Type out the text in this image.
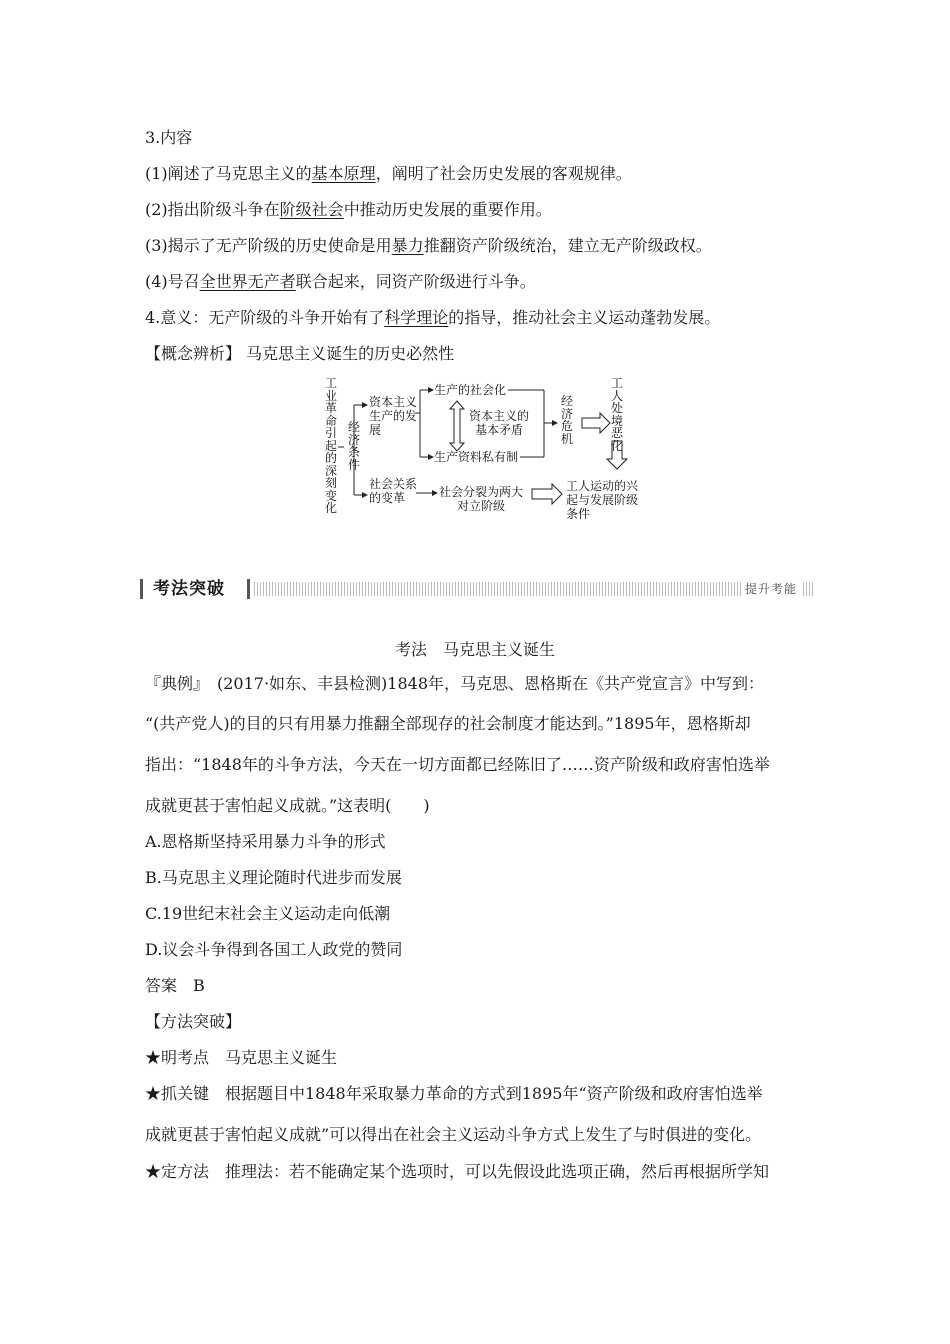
3.内容
(1)阐述了马克思主义的基本原理，阐明了社会历史发展的客观规律。
(2)指出阶级斗争在阶级社会中推动历史发展的重要作用。
(3)揭示了无产阶级的历史使命是用暴力推翻资产阶级统治，建立无产阶级政权。
(4)号召全世界无产者联合起来，同资产阶级进行斗争。
4.意义：无产阶级的斗争开始有了科学理论的指导，推动社会主义运动蓬勃发展。
【概念辨析】 马克思主义诞生的历史必然性
工业革命引起的深刻变化
经济条件
资本主义生产的发展
生产的社会化
资本主义的基本矛盾
生产资料私有制
经济危机
工人处境恶化
社会关系的变革	社会分裂为两大对立阶级
工人运动的兴起与发展阶级条件
考法突破	提升考能
考法　马克思主义诞生
『典例』　(2017·如东、丰县检测)1848年，马克思、恩格斯在《共产党宣言》中写到：
“(共产党人)的目的只有用暴力推翻全部现存的社会制度才能达到。”1895年，恩格斯却
指出：“1848年的斗争方法，今天在一切方面都已经陈旧了……资产阶级和政府害怕选举
成就更甚于害怕起义成就。”这表明(　　)
A.恩格斯坚持采用暴力斗争的形式
B.马克思主义理论随时代进步而发展
C.19世纪末社会主义运动走向低潮
D.议会斗争得到各国工人政党的赞同
答案　B
【方法突破】
★明考点　马克思主义诞生
★抓关键　根据题目中1848年采取暴力革命的方式到1895年“资产阶级和政府害怕选举
成就更甚于害怕起义成就”可以得出在社会主义运动斗争方式上发生了与时俱进的变化。
★定方法　推理法：若不能确定某个选项时，可以先假设此选项正确，然后再根据所学知
